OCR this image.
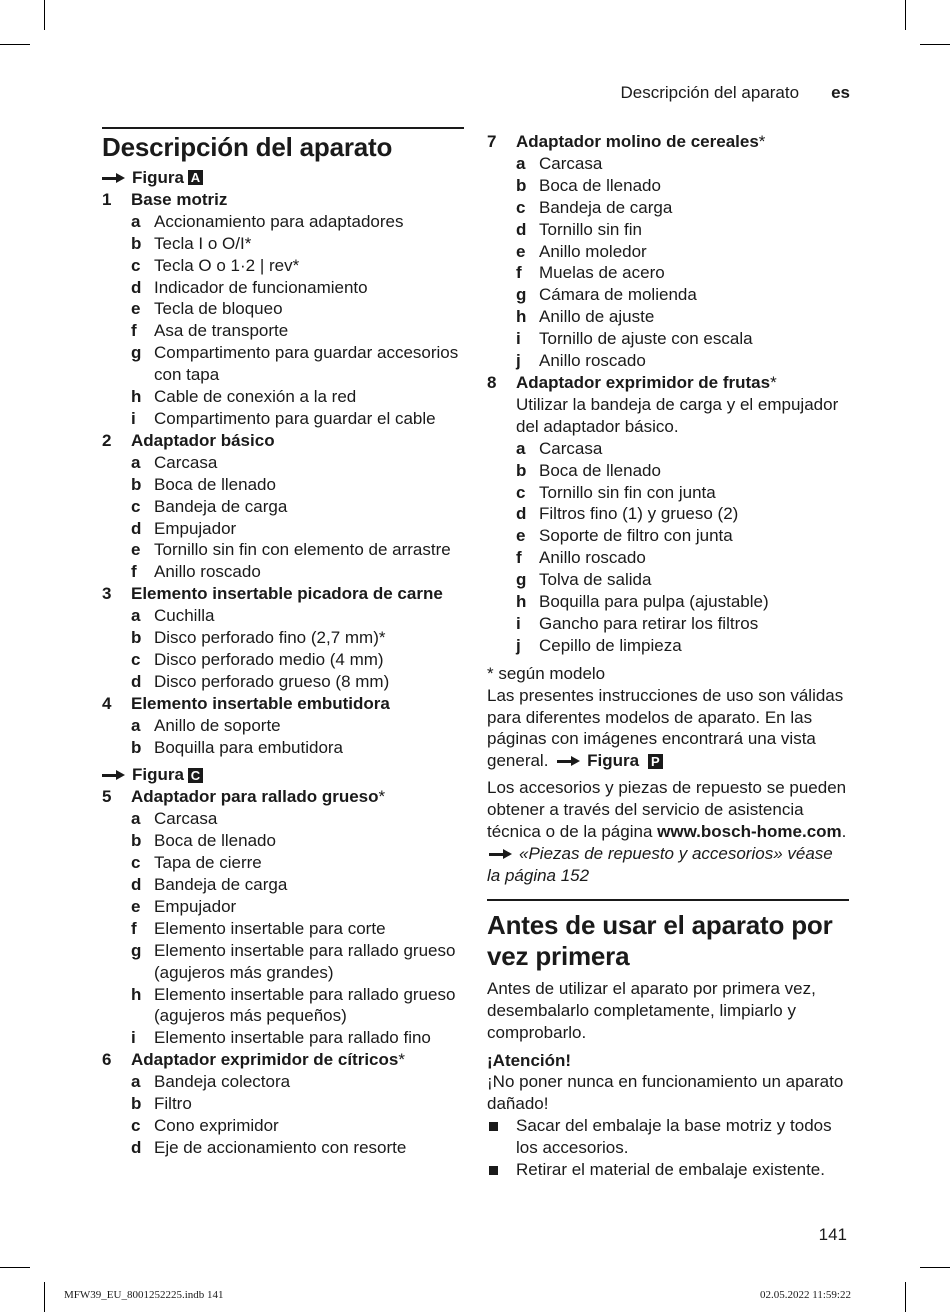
Descripción del aparato es
Descripción del aparato
Figura A
1	Base motriz
a Accionamiento para adaptadores
b Tecla I o O/I*
c Tecla O o 1·2 | rev*
d Indicador de funcionamiento
e Tecla de bloqueo
f	Asa de transporte
g Compartimento para guardar accesorios con tapa
h Cable de conexión a la red
i	Compartimento para guardar el cable
2	Adaptador básico
a Carcasa
b Boca de llenado
c Bandeja de carga
d Empujador
e Tornillo sin fin con elemento de arrastre
f	Anillo roscado
3	Elemento insertable picadora de carne
a Cuchilla
b Disco perforado fino (2,7 mm)*
c Disco perforado medio (4 mm)
d Disco perforado grueso (8 mm)
4	Elemento insertable embutidora
a Anillo de soporte
b Boquilla para embutidora
Figura C
5	Adaptador para rallado grueso*
a Carcasa
b Boca de llenado
c Tapa de cierre
d Bandeja de carga
e Empujador
f	Elemento insertable para corte
g Elemento insertable para rallado grueso (agujeros más grandes)
h Elemento insertable para rallado grueso (agujeros más pequeños)
i	Elemento insertable para rallado fino
6	Adaptador exprimidor de cítricos*
a Bandeja colectora
b Filtro
c Cono exprimidor
d Eje de accionamiento con resorte
7	Adaptador molino de cereales*
a Carcasa
b Boca de llenado
c Bandeja de carga
d Tornillo sin fin
e Anillo moledor
f	Muelas de acero
g Cámara de molienda
h Anillo de ajuste
i	Tornillo de ajuste con escala
j	Anillo roscado
8	Adaptador exprimidor de frutas*
Utilizar la bandeja de carga y el empujador del adaptador básico.
a Carcasa
b Boca de llenado
c Tornillo sin fin con junta
d Filtros fino (1) y grueso (2)
e Soporte de filtro con junta
f	Anillo roscado
g Tolva de salida
h Boquilla para pulpa (ajustable)
i	Gancho para retirar los filtros
j	Cepillo de limpieza

* según modelo

Las presentes instrucciones de uso son válidas para diferentes modelos de aparato. En las páginas con imágenes encontrará una vista general. Figura P

Los accesorios y piezas de repuesto se pueden obtener a través del servicio de asistencia técnica o de la página www.bosch-home.com. «Piezas de repuesto y accesorios» véase la página 152

Antes de usar el aparato por vez primera

Antes de utilizar el aparato por primera vez, desembalarlo completamente, limpiarlo y comprobarlo.

¡Atención!

¡No poner nunca en funcionamiento un aparato dañado!

Sacar del embalaje la base motriz y todos los accesorios.
Retirar el material de embalaje existente.
141
MFW39_EU_8001252225.indb 141	02.05.2022 11:59:22
